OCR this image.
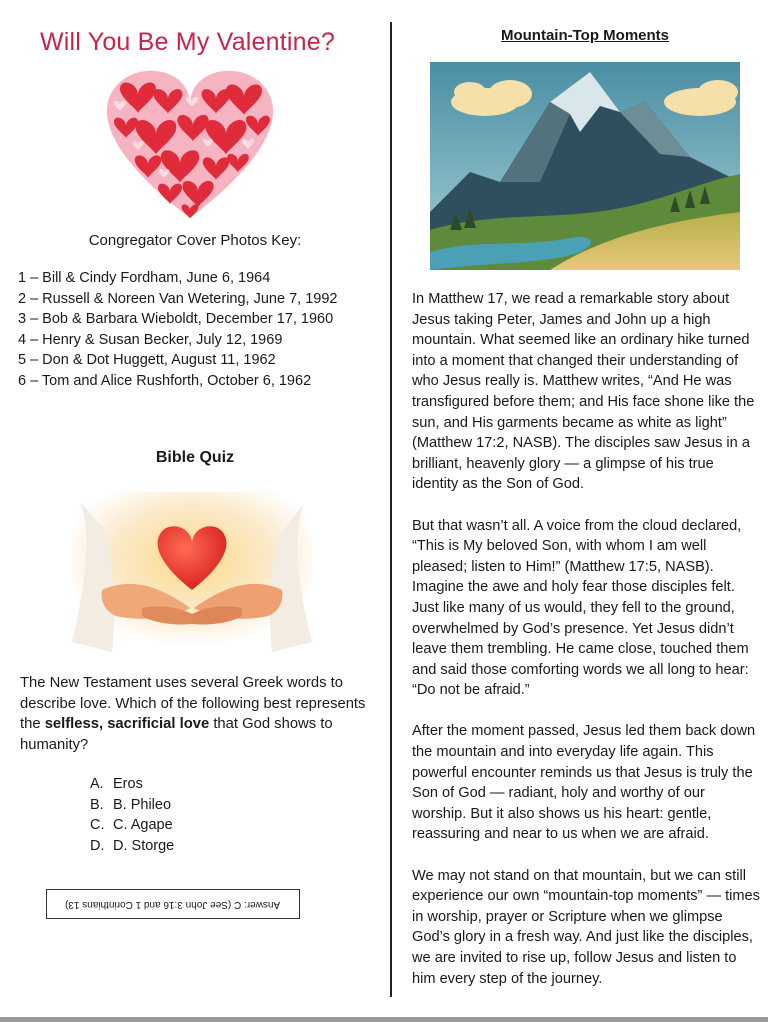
Will You Be My Valentine?
Congregator Cover Photos Key:
1 – Bill & Cindy Fordham, June 6, 1964
2 – Russell & Noreen Van Wetering, June 7, 1992
3 – Bob & Barbara Wieboldt, December 17, 1960
4 – Henry & Susan Becker, July 12, 1969
5 – Don & Dot Huggett, August 11, 1962
6 – Tom and Alice Rushforth, October 6, 1962
Bible Quiz
The New Testament uses several Greek words to describe love. Which of the following best represents the selfless, sacrificial love that God shows to humanity?
A. Eros
B. B. Phileo
C. C. Agape
D. D. Storge
Answer: C (See John 3:16 and 1 Corinthians 13)
Mountain-Top Moments

In Matthew 17, we read a remarkable story about Jesus taking Peter, James and John up a high mountain. What seemed like an ordinary hike turned into a moment that changed their understanding of who Jesus really is. Matthew writes, “And He was transfigured before them; and His face shone like the sun, and His garments became as white as light” (Matthew 17:2, NASB). The disciples saw Jesus in a brilliant, heavenly glory — a glimpse of his true identity as the Son of God.

But that wasn’t all. A voice from the cloud declared, “This is My beloved Son, with whom I am well pleased; listen to Him!” (Matthew 17:5, NASB). Imagine the awe and holy fear those disciples felt. Just like many of us would, they fell to the ground, overwhelmed by God’s presence. Yet Jesus didn’t leave them trembling. He came close, touched them and said those comforting words we all long to hear: “Do not be afraid.”

After the moment passed, Jesus led them back down the mountain and into everyday life again. This powerful encounter reminds us that Jesus is truly the Son of God — radiant, holy and worthy of our worship. But it also shows us his heart: gentle, reassuring and near to us when we are afraid.

We may not stand on that mountain, but we can still experience our own “mountain-top moments” — times in worship, prayer or Scripture when we glimpse God’s glory in a fresh way. And just like the disciples, we are invited to rise up, follow Jesus and listen to him every step of the journey.
